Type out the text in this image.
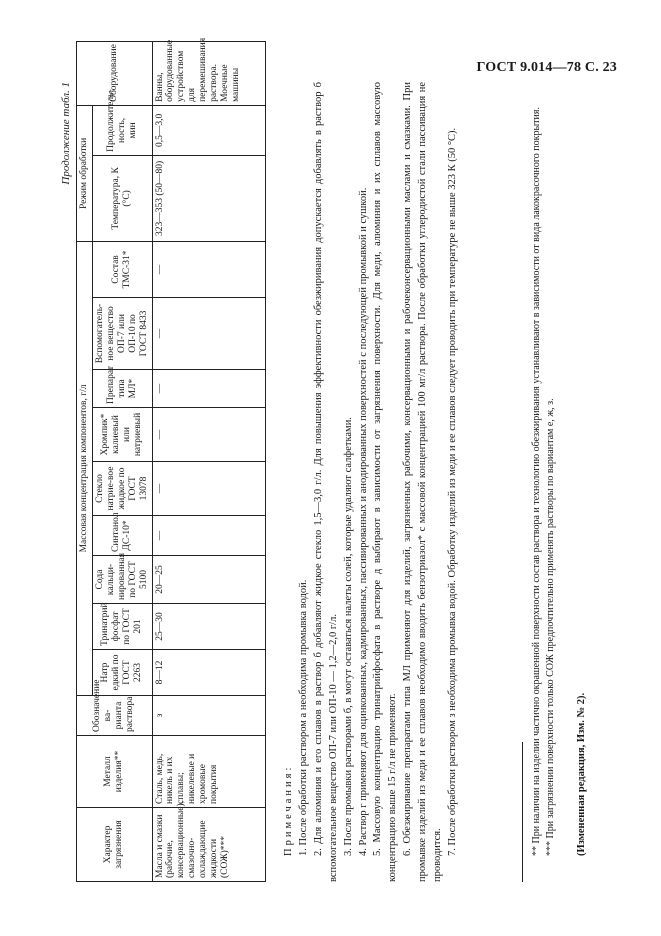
ГОСТ 9.014—78 С. 23
Продолжение табл. 1
Характер загрязнения	Металл изделия**	Обозначение ва-рианта раствора	Массовая концентрация компонентов, г/л									Режим обработки		Оборудование
			Натр едкий по ГОСТ 2263	Тринатрий фосфат по ГОСТ 201	Сода кальци-нированная по ГОСТ 5100	Синтанол ДС-10*	Стекло натрие-вое жидкое по ГОСТ 13078	Хромпик* калиевый или натриевый	Препарат типа МЛ*	Вспомогатель-ное вещество ОП-7 или ОП-10 по ГОСТ 8433	Состав ТМС-31*	Температура, К (°С)	Продолжитель-ность, мин	
Масла и смазки (рабочие, консервационные), смазочно-охлаждающие жидкости (СОЖ)***	Сталь, медь, никель и их сплавы; никелевые и хромовые покрытия	з	8—12	25—30	20—25	—	—	—	—	—	—	323—353 (50—80)	0,5—3,0	Ванны, оборудованные устройством для перемешивания раствора. Моечные машины

Примечания: 1. После обработки раствором а необходима промывка водой. 2. Для алюминия и его сплавов в раствор б добавляют жидкое стекло 1,5—3,0 г/л. Для повышения эффективности обезжиривания допускается добавлять в раствор б вспомогательное вещество ОП-7 или ОП-10 — 1,2—2,0 г/л. 3. После промывки растворами б, в могут оставаться налеты солей, которые удаляют салфетками. 4. Раствор г применяют для оцинкованных, кадмированных, пассивированных и анодированных поверхностей с последующей промывкой и сушкой. 5. Массовую концентрацию тринатрийфосфата в растворе д выбирают в зависимости от загрязнения поверхности. Для меди, алюминия и их сплавов массовую концентрацию выше 15 г/л не применяют. 6. Обезжиривание препаратами типа МЛ применяют для изделий, загрязненных рабочими, консервационными и рабочеконсервационными маслами и смазками. При промывке изделий из меди и ее сплавов необходимо вводить бензотриазол* с массовой концентрацией 100 мг/л раствора. После обработки углеродистой стали пассивация не проводится. 7. После обработки раствором з необходима промывка водой. Обработку изделий из меди и ее сплавов следует проводить при температуре не выше 323 К (50 °С).	** При наличии на изделии частично окрашенной поверхности состав раствора и технологию обезжиривания устанавливают в зависимости от вида лакокрасочного покрытия. *** При загрязнении поверхности только СОЖ предпочтительно применять растворы по вариантам е, ж, з. (Измененная редакция, Изм. № 2).
